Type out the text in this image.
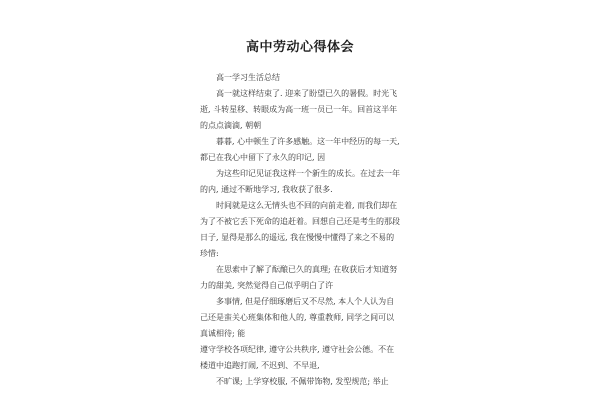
高中劳动心得体会

高一学习生活总结

高一就这样结束了. 迎来了盼望已久的暑假。时光飞逝, 斗转星移、转眼成为高一班一员已一年。回首这半年的点点滴滴, 朝朝

暮暮, 心中顿生了许多感触。这一年中经历的每一天, 都已在我心中留下了永久的印记, 因

为这些印记见证我这样一个新生的成长。在过去一年的内, 通过不断地学习, 我收获了很多.

时间就是这么无情头也不回的向前走着, 而我们却在为了不被它丢下死命的追赶着。回想自己还是考生的那段日子, 显得是那么的遥远, 我在慢慢中懂得了来之不易的珍惜:

在思索中了解了酝酿已久的真理; 在收获后才知道努力的甜美, 突然觉得自己似乎明白了许

多事情, 但是仔细琢磨后又不尽然, 本人个人认为自己还是蛮关心班集体和他人的, 尊重教师, 同学之间可以真诚相待; 能

遵守学校各项纪律, 遵守公共秩序, 遵守社会公德。不在楼道中追跑打闹, 不迟到、不早退,

不旷课; 上学穿校服, 不佩带饰物, 发型规范; 举止
